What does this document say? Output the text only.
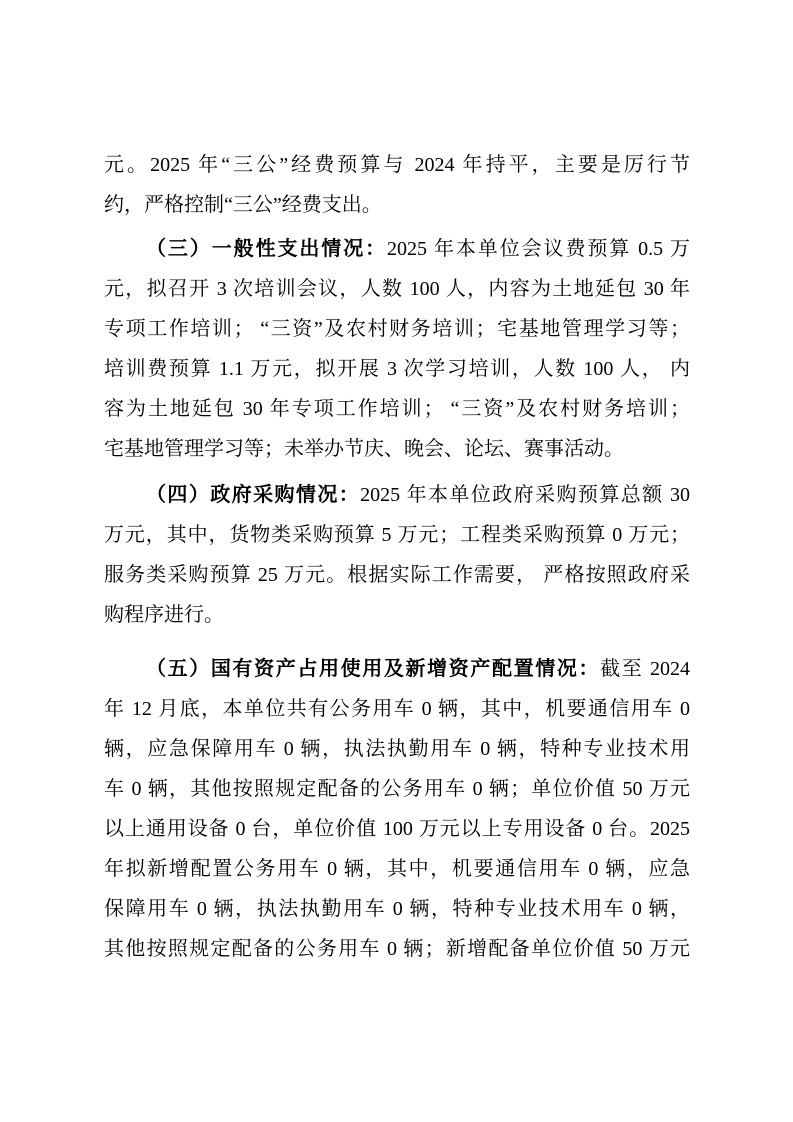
元。2025 年“三公”经费预算与 2024 年持平，主要是厉行节
约，严格控制“三公”经费支出。
（三）一般性支出情况：2025 年本单位会议费预算 0.5 万
元，拟召开 3 次培训会议，人数 100 人，内容为土地延包 30 年
专项工作培训； “三资”及农村财务培训；宅基地管理学习等；
培训费预算 1.1 万元，拟开展 3 次学习培训，人数 100 人， 内
容为土地延包 30 年专项工作培训； “三资”及农村财务培训；
宅基地管理学习等；未举办节庆、晚会、论坛、赛事活动。
（四）政府采购情况：2025 年本单位政府采购预算总额 30
万元，其中，货物类采购预算 5 万元；工程类采购预算 0 万元；
服务类采购预算 25 万元。根据实际工作需要， 严格按照政府采
购程序进行。
（五）国有资产占用使用及新增资产配置情况：截至 2024
年 12 月底，本单位共有公务用车 0 辆，其中，机要通信用车 0
辆，应急保障用车 0 辆，执法执勤用车 0 辆，特种专业技术用
车 0 辆，其他按照规定配备的公务用车 0 辆；单位价值 50 万元
以上通用设备 0 台，单位价值 100 万元以上专用设备 0 台。2025
年拟新增配置公务用车 0 辆，其中，机要通信用车 0 辆，应急
保障用车 0 辆，执法执勤用车 0 辆，特种专业技术用车 0 辆，
其他按照规定配备的公务用车 0 辆；新增配备单位价值 50 万元
